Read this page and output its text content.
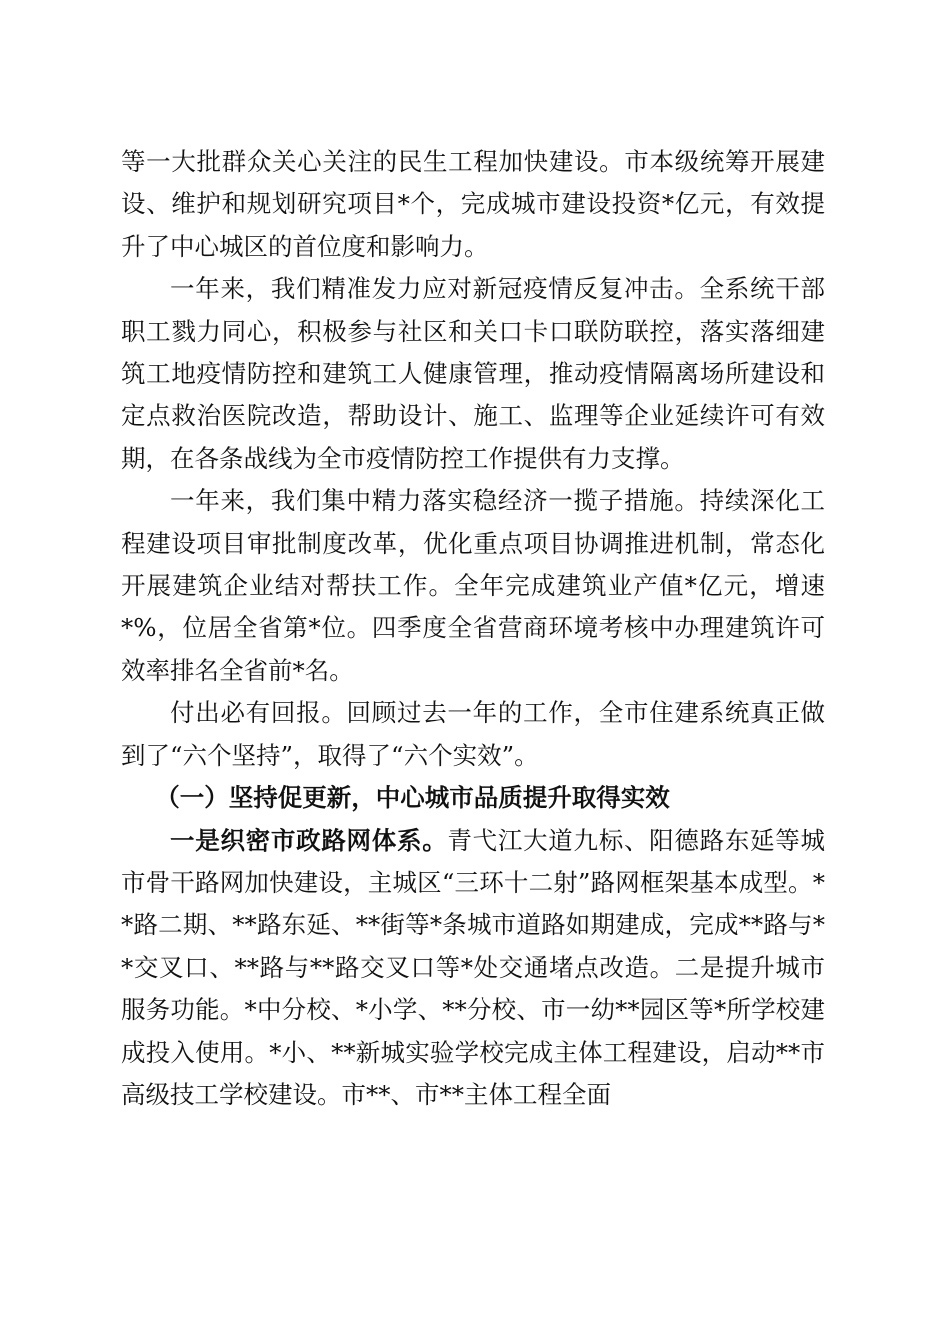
等一大批群众关心关注的民生工程加快建设。市本级统筹开展建设、维护和规划研究项目*个，完成城市建设投资*亿元，有效提升了中心城区的首位度和影响力。

一年来，我们精准发力应对新冠疫情反复冲击。全系统干部职工戮力同心，积极参与社区和关口卡口联防联控，落实落细建筑工地疫情防控和建筑工人健康管理，推动疫情隔离场所建设和定点救治医院改造，帮助设计、施工、监理等企业延续许可有效期，在各条战线为全市疫情防控工作提供有力支撑。

一年来，我们集中精力落实稳经济一揽子措施。持续深化工程建设项目审批制度改革，优化重点项目协调推进机制，常态化开展建筑企业结对帮扶工作。全年完成建筑业产值*亿元，增速*%，位居全省第*位。四季度全省营商环境考核中办理建筑许可效率排名全省前*名。

付出必有回报。回顾过去一年的工作，全市住建系统真正做到了“六个坚持”，取得了“六个实效”。

（一）坚持促更新，中心城市品质提升取得实效

一是织密市政路网体系。青弋江大道九标、阳德路东延等城市骨干路网加快建设，主城区“三环十二射”路网框架基本成型。**路二期、**路东延、**街等*条城市道路如期建成，完成**路与**交叉口、**路与**路交叉口等*处交通堵点改造。二是提升城市服务功能。*中分校、*小学、**分校、市一幼**园区等*所学校建成投入使用。*小、**新城实验学校完成主体工程建设，启动**市高级技工学校建设。市**、市**主体工程全面
